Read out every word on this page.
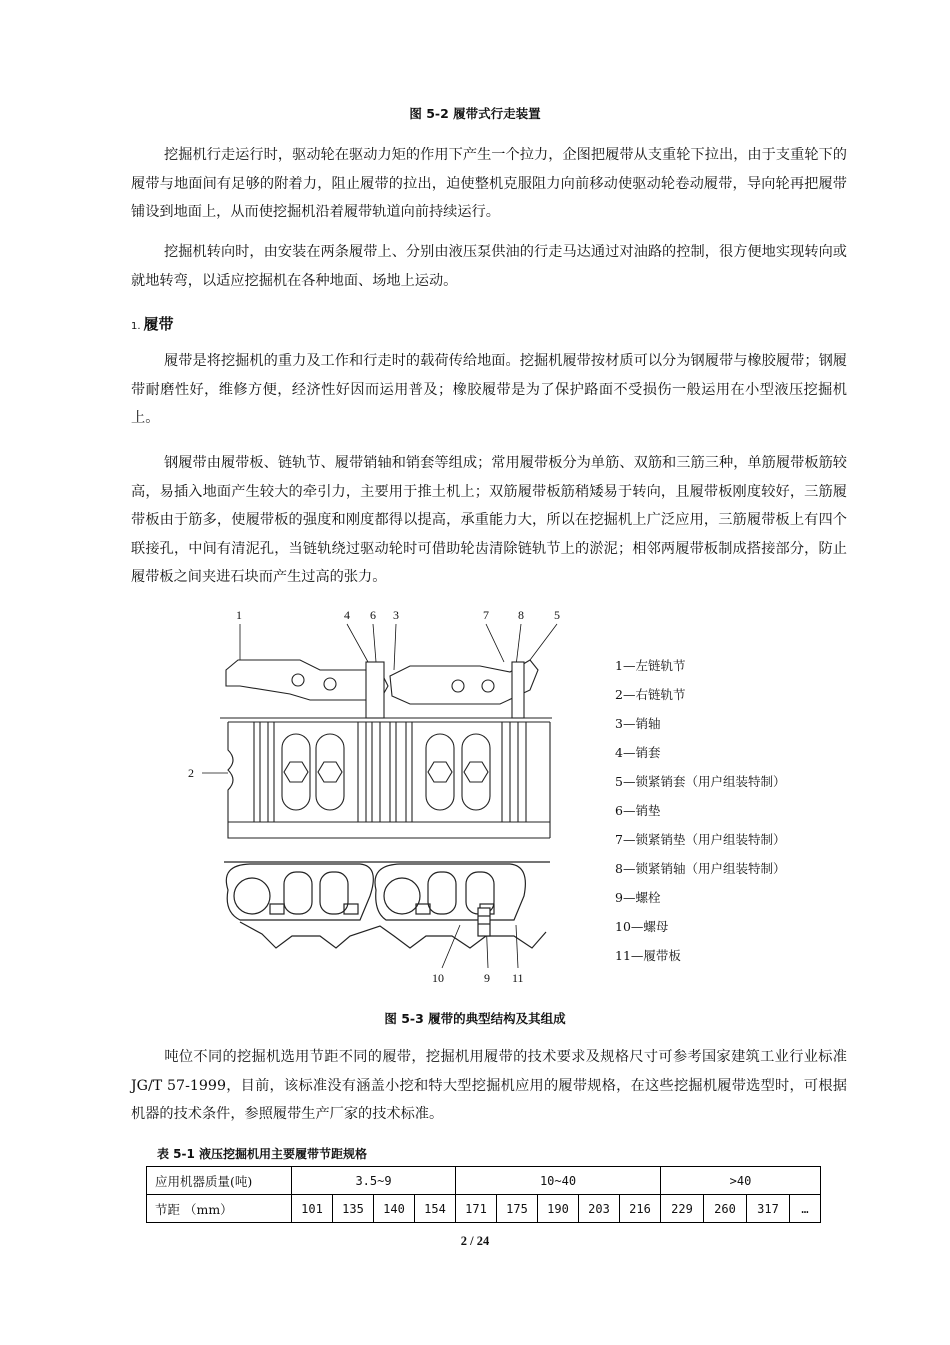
图 5-2 履带式行走装置
挖掘机行走运行时，驱动轮在驱动力矩的作用下产生一个拉力，企图把履带从支重轮下拉出，由于支重轮下的履带与地面间有足够的附着力，阻止履带的拉出，迫使整机克服阻力向前移动使驱动轮卷动履带，导向轮再把履带铺设到地面上，从而使挖掘机沿着履带轨道向前持续运行。
挖掘机转向时，由安装在两条履带上、分别由液压泵供油的行走马达通过对油路的控制，很方便地实现转向或就地转弯，以适应挖掘机在各种地面、场地上运动。
1. 履带
履带是将挖掘机的重力及工作和行走时的载荷传给地面。挖掘机履带按材质可以分为钢履带与橡胶履带；钢履带耐磨性好，维修方便，经济性好因而运用普及；橡胶履带是为了保护路面不受损伤一般运用在小型液压挖掘机上。
钢履带由履带板、链轨节、履带销轴和销套等组成；常用履带板分为单筋、双筋和三筋三种，单筋履带板筋较高，易插入地面产生较大的牵引力，主要用于推土机上；双筋履带板筋稍矮易于转向，且履带板刚度较好，三筋履带板由于筋多，使履带板的强度和刚度都得以提高，承重能力大，所以在挖掘机上广泛应用，三筋履带板上有四个联接孔，中间有清泥孔，当链轨绕过驱动轮时可借助轮齿清除链轨节上的淤泥；相邻两履带板制成搭接部分，防止履带板之间夹进石块而产生过高的张力。
1	4 6 3	7 8	5
2
10	9 11
1—左链轨节
2—右链轨节
3—销轴
4—销套
5—锁紧销套（用户组装特制）
6—销垫
7—锁紧销垫（用户组装特制）
8—锁紧销轴（用户组装特制）
9—螺栓
10—螺母
11—履带板
图 5-3 履带的典型结构及其组成
吨位不同的挖掘机选用节距不同的履带，挖掘机用履带的技术要求及规格尺寸可参考国家建筑工业行业标准 JG/T 57-1999，目前，该标准没有涵盖小挖和特大型挖掘机应用的履带规格，在这些挖掘机履带选型时，可根据机器的技术条件，参照履带生产厂家的技术标准。
表 5-1 液压挖掘机用主要履带节距规格
应用机器质量(吨)	3.5~9				10~40					>40			
节距 （mm）	101	135	140	154	171	175	190	203	216	229	260	317	…
2 / 24
